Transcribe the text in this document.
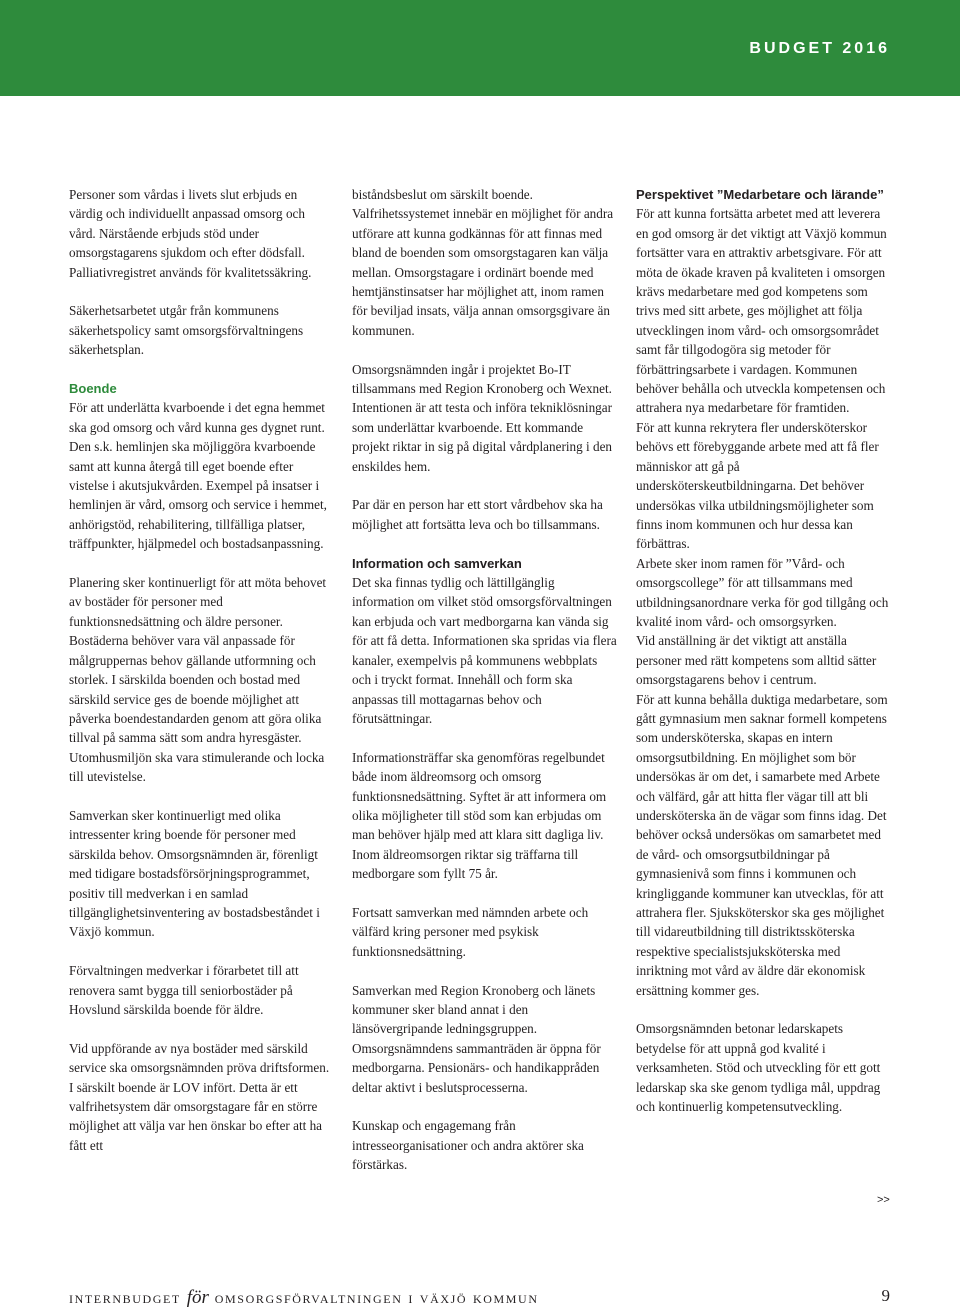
BUDGET 2016

Personer som vårdas i livets slut erbjuds en värdig och individuellt anpassad omsorg och vård. Närstående erbjuds stöd under omsorgstagarens sjukdom och efter dödsfall. Palliativregistret används för kvalitetssäkring.

Säkerhetsarbetet utgår från kommunens säkerhetspolicy samt omsorgsförvaltningens säkerhetsplan.

Boende

För att underlätta kvarboende i det egna hemmet ska god omsorg och vård kunna ges dygnet runt. Den s.k. hemlinjen ska möjliggöra kvarboende samt att kunna återgå till eget boende efter vistelse i akutsjukvården. Exempel på insatser i hemlinjen är vård, omsorg och service i hemmet, anhörigstöd, rehabilitering, tillfälliga platser, träffpunkter, hjälpmedel och bostadsanpassning.

Planering sker kontinuerligt för att möta behovet av bostäder för personer med funktionsnedsättning och äldre personer. Bostäderna behöver vara väl anpassade för målgruppernas behov gällande utformning och storlek. I särskilda boenden och bostad med särskild service ges de boende möjlighet att påverka boendestandarden genom att göra olika tillval på samma sätt som andra hyresgäster. Utomhusmiljön ska vara stimulerande och locka till utevistelse.

Samverkan sker kontinuerligt med olika intressenter kring boende för personer med särskilda behov. Omsorgsnämnden är, förenligt med tidigare bostadsförsörjningsprogrammet, positiv till medverkan i en samlad tillgänglighetsinventering av bostadsbeståndet i Växjö kommun.

Förvaltningen medverkar i förarbetet till att renovera samt bygga till seniorbostäder på Hovslund särskilda boende för äldre.

Vid uppförande av nya bostäder med särskild service ska omsorgsnämnden pröva driftsformen. I särskilt boende är LOV infört. Detta är ett valfrihetsystem där omsorgstagare får en större möjlighet att välja var hen önskar bo efter att ha fått ett

biståndsbeslut om särskilt boende. Valfrihetssystemet innebär en möjlighet för andra utförare att kunna godkännas för att finnas med bland de boenden som omsorgstagaren kan välja mellan. Omsorgstagare i ordinärt boende med hemtjänstinsatser har möjlighet att, inom ramen för beviljad insats, välja annan omsorgsgivare än kommunen.

Omsorgsnämnden ingår i projektet Bo-IT tillsammans med Region Kronoberg och Wexnet. Intentionen är att testa och införa tekniklösningar som underlättar kvarboende. Ett kommande projekt riktar in sig på digital vårdplanering i den enskildes hem.

Par där en person har ett stort vårdbehov ska ha möjlighet att fortsätta leva och bo tillsammans.

Information och samverkan

Det ska finnas tydlig och lättillgänglig information om vilket stöd omsorgsförvaltningen kan erbjuda och vart medborgarna kan vända sig för att få detta. Informationen ska spridas via flera kanaler, exempelvis på kommunens webbplats och i tryckt format. Innehåll och form ska anpassas till mottagarnas behov och förutsättningar.

Informationsträffar ska genomföras regelbundet både inom äldreomsorg och omsorg funktionsnedsättning. Syftet är att informera om olika möjligheter till stöd som kan erbjudas om man behöver hjälp med att klara sitt dagliga liv. Inom äldreomsorgen riktar sig träffarna till medborgare som fyllt 75 år.

Fortsatt samverkan med nämnden arbete och välfärd kring personer med psykisk funktionsnedsättning.

Samverkan med Region Kronoberg och länets kommuner sker bland annat i den länsövergripande ledningsgruppen. Omsorgsnämndens sammanträden är öppna för medborgarna. Pensionärs- och handikappråden deltar aktivt i beslutsprocesserna.

Kunskap och engagemang från intresseorganisationer och andra aktörer ska förstärkas.

Perspektivet ”Medarbetare och lärande”

För att kunna fortsätta arbetet med att leverera en god omsorg är det viktigt att Växjö kommun fortsätter vara en attraktiv arbetsgivare. För att möta de ökade kraven på kvaliteten i omsorgen krävs medarbetare med god kompetens som trivs med sitt arbete, ges möjlighet att följa utvecklingen inom vård- och omsorgsområdet samt får tillgodogöra sig metoder för förbättringsarbete i vardagen. Kommunen behöver behålla och utveckla kompetensen och attrahera nya medarbetare för framtiden.

För att kunna rekrytera fler undersköterskor behövs ett förebyggande arbete med att få fler människor att gå på undersköterskeutbildningarna. Det behöver undersökas vilka utbildningsmöjligheter som finns inom kommunen och hur dessa kan förbättras.

Arbete sker inom ramen för ”Vård- och omsorgscollege” för att tillsammans med utbildningsanordnare verka för god tillgång och kvalité inom vård- och omsorgsyrken.

Vid anställning är det viktigt att anställa personer med rätt kompetens som alltid sätter omsorgstagarens behov i centrum.

För att kunna behålla duktiga medarbetare, som gått gymnasium men saknar formell kompetens som undersköterska, skapas en intern omsorgsutbildning. En möjlighet som bör undersökas är om det, i samarbete med Arbete och välfärd, går att hitta fler vägar till att bli undersköterska än de vägar som finns idag. Det behöver också undersökas om samarbetet med de vård- och omsorgsutbildningar på gymnasienivå som finns i kommunen och kringliggande kommuner kan utvecklas, för att attrahera fler. Sjuksköterskor ska ges möjlighet till vidareutbildning till distriktssköterska respektive specialistsjuksköterska med inriktning mot vård av äldre där ekonomisk ersättning kommer ges.

Omsorgsnämnden betonar ledarskapets betydelse för att uppnå god kvalité i verksamheten. Stöd och utveckling för ett gott ledarskap ska ske genom tydliga mål, uppdrag och kontinuerlig kompetensutveckling.

>>
internbudget för omsorgsförvaltningen i växjö kommun	9
